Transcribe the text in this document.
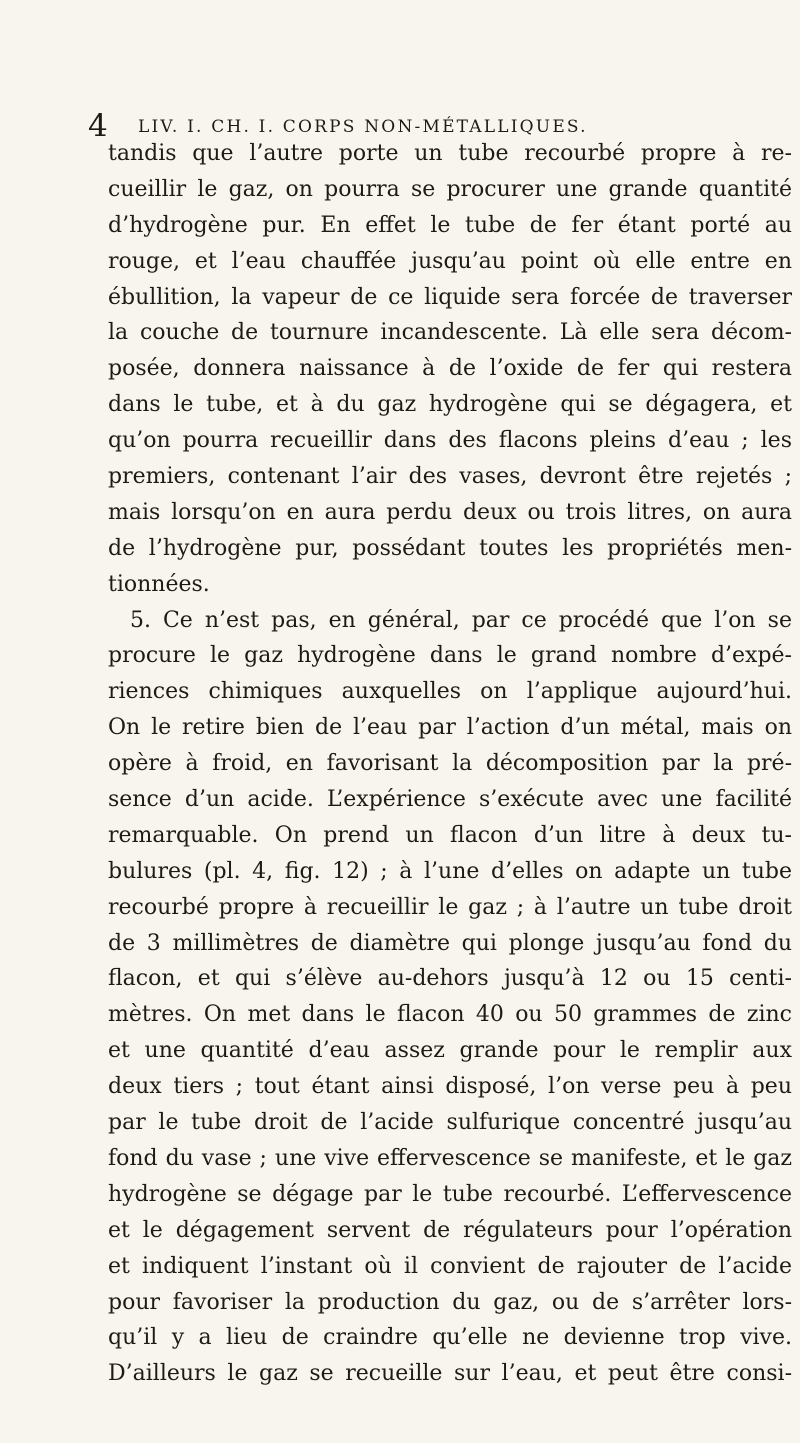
4 LIV. I. CH. I. CORPS NON-MÉTALLIQUES.
tandis que l’autre porte un tube recourbé propre à re-
cueillir le gaz, on pourra se procurer une grande quantité
d’hydrogène pur. En effet le tube de fer étant porté au
rouge, et l’eau chauffée jusqu’au point où elle entre en
ébullition, la vapeur de ce liquide sera forcée de traverser
la couche de tournure incandescente. Là elle sera décom-
posée, donnera naissance à de l’oxide de fer qui restera
dans le tube, et à du gaz hydrogène qui se dégagera, et
qu’on pourra recueillir dans des flacons pleins d’eau ; les
premiers, contenant l’air des vases, devront être rejetés ;
mais lorsqu’on en aura perdu deux ou trois litres, on aura
de l’hydrogène pur, possédant toutes les propriétés men-
tionnées.
5. Ce n’est pas, en général, par ce procédé que l’on se
procure le gaz hydrogène dans le grand nombre d’expé-
riences chimiques auxquelles on l’applique aujourd’hui.
On le retire bien de l’eau par l’action d’un métal, mais on
opère à froid, en favorisant la décomposition par la pré-
sence d’un acide. L’expérience s’exécute avec une facilité
remarquable. On prend un flacon d’un litre à deux tu-
bulures (pl. 4, fig. 12) ; à l’une d’elles on adapte un tube
recourbé propre à recueillir le gaz ; à l’autre un tube droit
de 3 millimètres de diamètre qui plonge jusqu’au fond du
flacon, et qui s’élève au-dehors jusqu’à 12 ou 15 centi-
mètres. On met dans le flacon 40 ou 50 grammes de zinc
et une quantité d’eau assez grande pour le remplir aux
deux tiers ; tout étant ainsi disposé, l’on verse peu à peu
par le tube droit de l’acide sulfurique concentré jusqu’au
fond du vase ; une vive effervescence se manifeste, et le gaz
hydrogène se dégage par le tube recourbé. L’effervescence
et le dégagement servent de régulateurs pour l’opération
et indiquent l’instant où il convient de rajouter de l’acide
pour favoriser la production du gaz, ou de s’arrêter lors-
qu’il y a lieu de craindre qu’elle ne devienne trop vive.
D’ailleurs le gaz se recueille sur l’eau, et peut être consi-
